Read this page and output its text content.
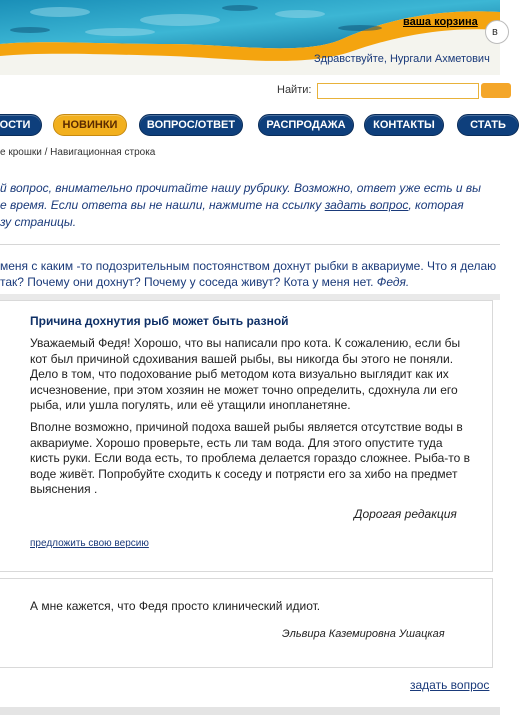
ваша корзина
в
Здравствуйте, Нургали Ахметович
Найти:
ОСТИ	НОВИНКИ	ВОПРОС/ОТВЕТ	РАСПРОДАЖА	КОНТАКТЫ	СТАТЬ
е крошки / Навигационная строка
й вопрос, внимательно прочитайте нашу рубрику. Возможно, ответ уже есть и вы
е время. Если ответа вы не нашли, нажмите на ссылку задать вопрос, которая
зу страницы.
меня с каким -то подозрительным постоянством дохнут рыбки в аквариуме. Что я делаю
так? Почему они дохнут? Почему у соседа живут? Кота у меня нет. Федя.
Причина дохнутия рыб может быть разной
Уважаемый Федя! Хорошо, что вы написали про кота. К сожалению, если бы кот был причиной сдохивания вашей рыбы, вы никогда бы этого не поняли. Дело в том, что подохование рыб методом кота визуально выглядит как их исчезновение, при этом хозяин не может точно определить, сдохнула ли его рыба, или ушла погулять, или её утащили инопланетяне.
Вполне возможно, причиной подоха вашей рыбы является отсутствие воды в аквариуме. Хорошо проверьте, есть ли там вода. Для этого опустите туда кисть руки. Если вода есть, то проблема делается гораздо сложнее. Рыба-то в воде живёт. Попробуйте сходить к соседу и потрясти его за хибо на предмет выяснения .
Дорогая редакция
предложить свою версию
А мне кажется, что Федя просто клинический идиот.
Эльвира Каземировна Ушацкая
задать вопрос
